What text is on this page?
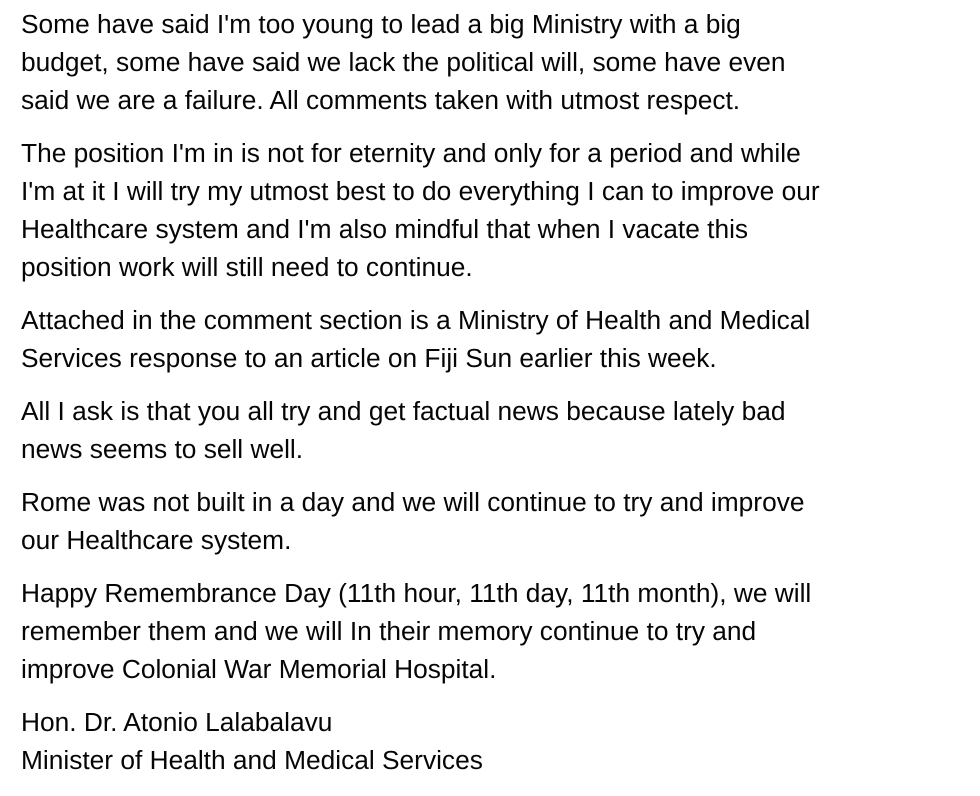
Some have said I'm too young to lead a big Ministry with a big
budget, some have said we lack the political will, some have even
said we are a failure. All comments taken with utmost respect.

The position I'm in is not for eternity and only for a period and while
I'm at it I will try my utmost best to do everything I can to improve our
Healthcare system and I'm also mindful that when I vacate this
position work will still need to continue.

Attached in the comment section is a Ministry of Health and Medical
Services response to an article on Fiji Sun earlier this week.

All I ask is that you all try and get factual news because lately bad
news seems to sell well.

Rome was not built in a day and we will continue to try and improve
our Healthcare system.

Happy Remembrance Day (11th hour, 11th day, 11th month), we will
remember them and we will In their memory continue to try and
improve Colonial War Memorial Hospital.

Hon. Dr. Atonio Lalabalavu
Minister of Health and Medical Services
